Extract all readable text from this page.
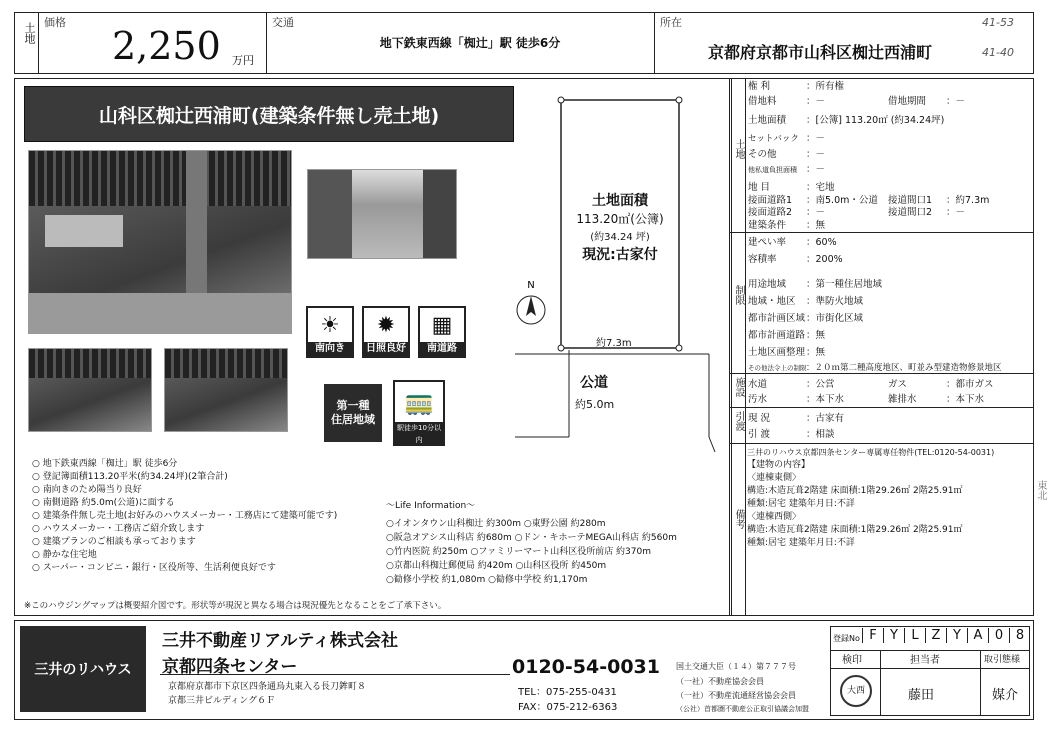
土地 価格
2,250 万円
交通
地下鉄東西線「椥辻」駅 徒歩6分
所在
京都府京都市山科区椥辻西浦町
41-53
41-40
山科区椥辻西浦町(建築条件無し売土地)
☀
南向き
✹
日照良好
▦
南道路
第一種
住居地域
🚃
駅徒歩10分以内
N
土地面積
113.20㎡(公簿)
(約34.24 坪)
現況:古家付
約7.3m
公道
約5.0m
○ 地下鉄東西線「椥辻」駅 徒歩6分
○ 登記簿面積113.20平米(約34.24坪)(2筆合計)
○ 南向きのため陽当り良好
○ 南側道路 約5.0m(公道)に面する
○ 建築条件無し売土地(お好みのハウスメーカー・工務店にて建築可能です)
○ ハウスメーカー・工務店ご紹介致します
○ 建築プランのご相談も承っております
○ 静かな住宅地
○ スーパー・コンビニ・銀行・区役所等、生活利便良好です
～Life Information～
○イオンタウン山科椥辻 約300m ○東野公園 約280m
○阪急オアシス山科店 約680m ○ドン・キホーテMEGA山科店 約560m
○竹内医院 約250m ○ファミリーマート山科区役所前店 約370m
○京都山科椥辻郵便局 約420m ○山科区役所 約450m
○勧修小学校 約1,080m ○勧修中学校 約1,170m
※このハウジングマップは概要紹介図です。形状等が現況と異なる場合は現況優先となることをご了承下さい。
土地
制限
施設
引渡
備考
権 利	：所有権
借地料	：－	借地期間 ：－
土地面積 ：[公簿] 113.20㎡ (約34.24坪)
セットバック ：－
その他	：－
他私道負担面積 ：－
地 目	：宅地
接面道路1 ：南5.0m・公道 接道間口1 ：約7.3m
接面道路2 ：－	接道間口2 ：－
建築条件 ：無
建ぺい率 ：60%
容積率	：200%
用途地域 ：第一種住居地域
地域・地区 ：準防火地域
都市計画区域 ：市街化区域
都市計画道路 ：無
土地区画整理 ：無
その他法令上の制限 ：２０ｍ第二種高度地区、町並み型建造物修景地区
水道	：公営	ガス	：都市ガス
汚水	：本下水	雑排水	：本下水
現 況	：古家有
引 渡	：相談
三井のリハウス京都四条センター専属専任物件(TEL:0120-54-0031)
【建物の内容】
〈連棟東側〉
構造:木造瓦葺2階建 床面積:1階29.26㎡ 2階25.91㎡
種類:居宅 建築年月日:不詳
〈連棟西側〉
構造:木造瓦葺2階建 床面積:1階29.26㎡ 2階25.91㎡
種類:居宅 建築年月日:不詳
東北
三井のリハウス
三井不動産リアルティ株式会社
京都四条センター
京都府京都市下京区四条通烏丸東入る長刀鉾町８
京都三井ビルディング６Ｆ
0120-54-0031
TEL：075-255-0431
FAX：075-212-6363
国土交通大臣（１４）第７７７号
（一社）不動産協会会員
（一社）不動産流通経営協会会員
（公社）首都圏不動産公正取引協議会加盟
登録No F	Y	L Z Y A 0 8
検印	担当者	取引態様
大西	藤田	媒介
